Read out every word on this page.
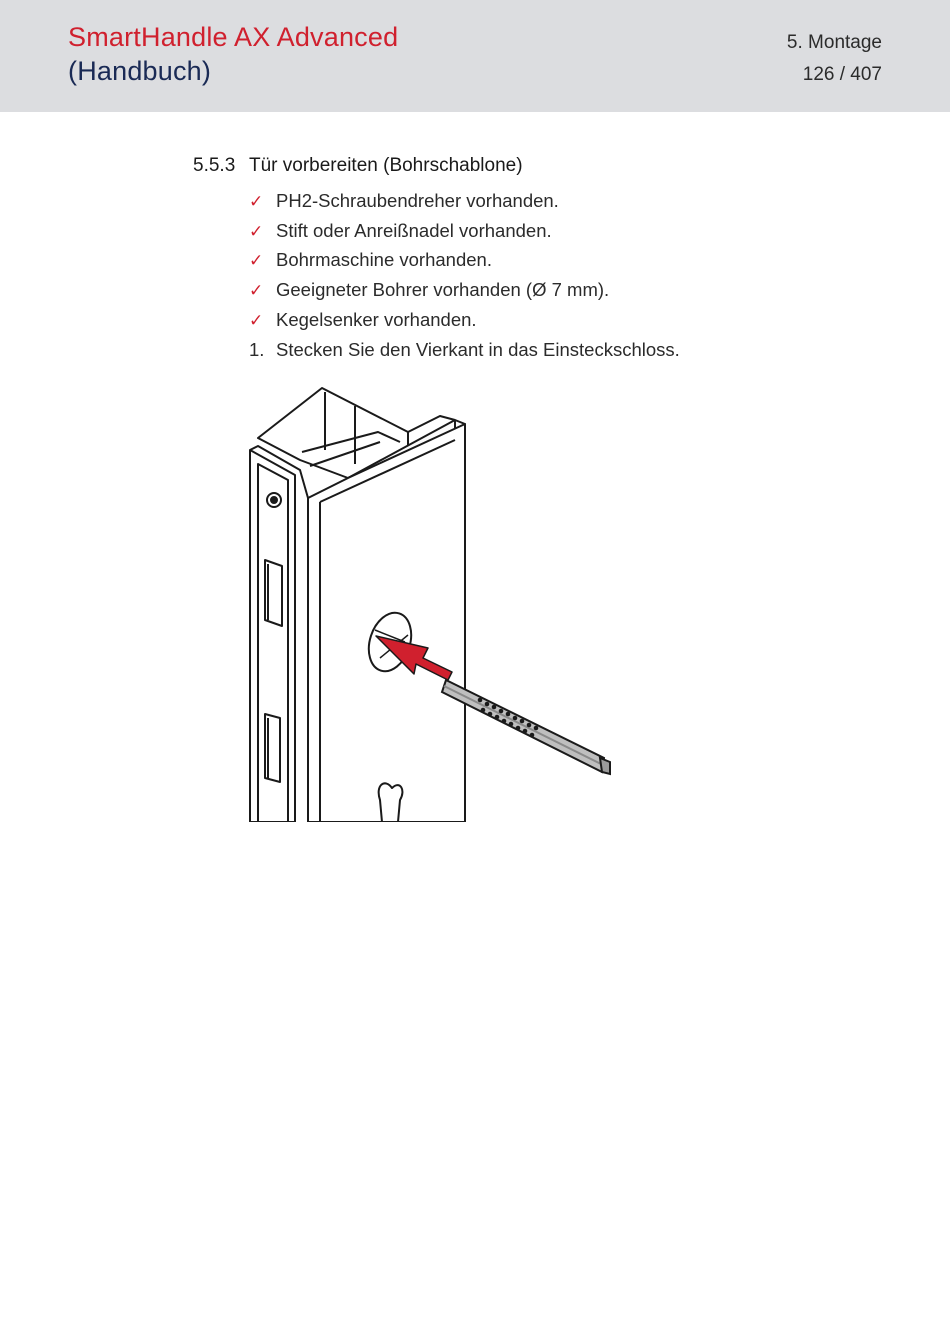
SmartHandle AX Advanced
(Handbuch)
5. Montage
126 / 407
5.5.3 Tür vorbereiten (Bohrschablone)
✓ PH2-Schraubendreher vorhanden.
✓ Stift oder Anreißnadel vorhanden.
✓ Bohrmaschine vorhanden.
✓ Geeigneter Bohrer vorhanden (Ø 7 mm).
✓ Kegelsenker vorhanden.
1. Stecken Sie den Vierkant in das Einsteckschloss.
